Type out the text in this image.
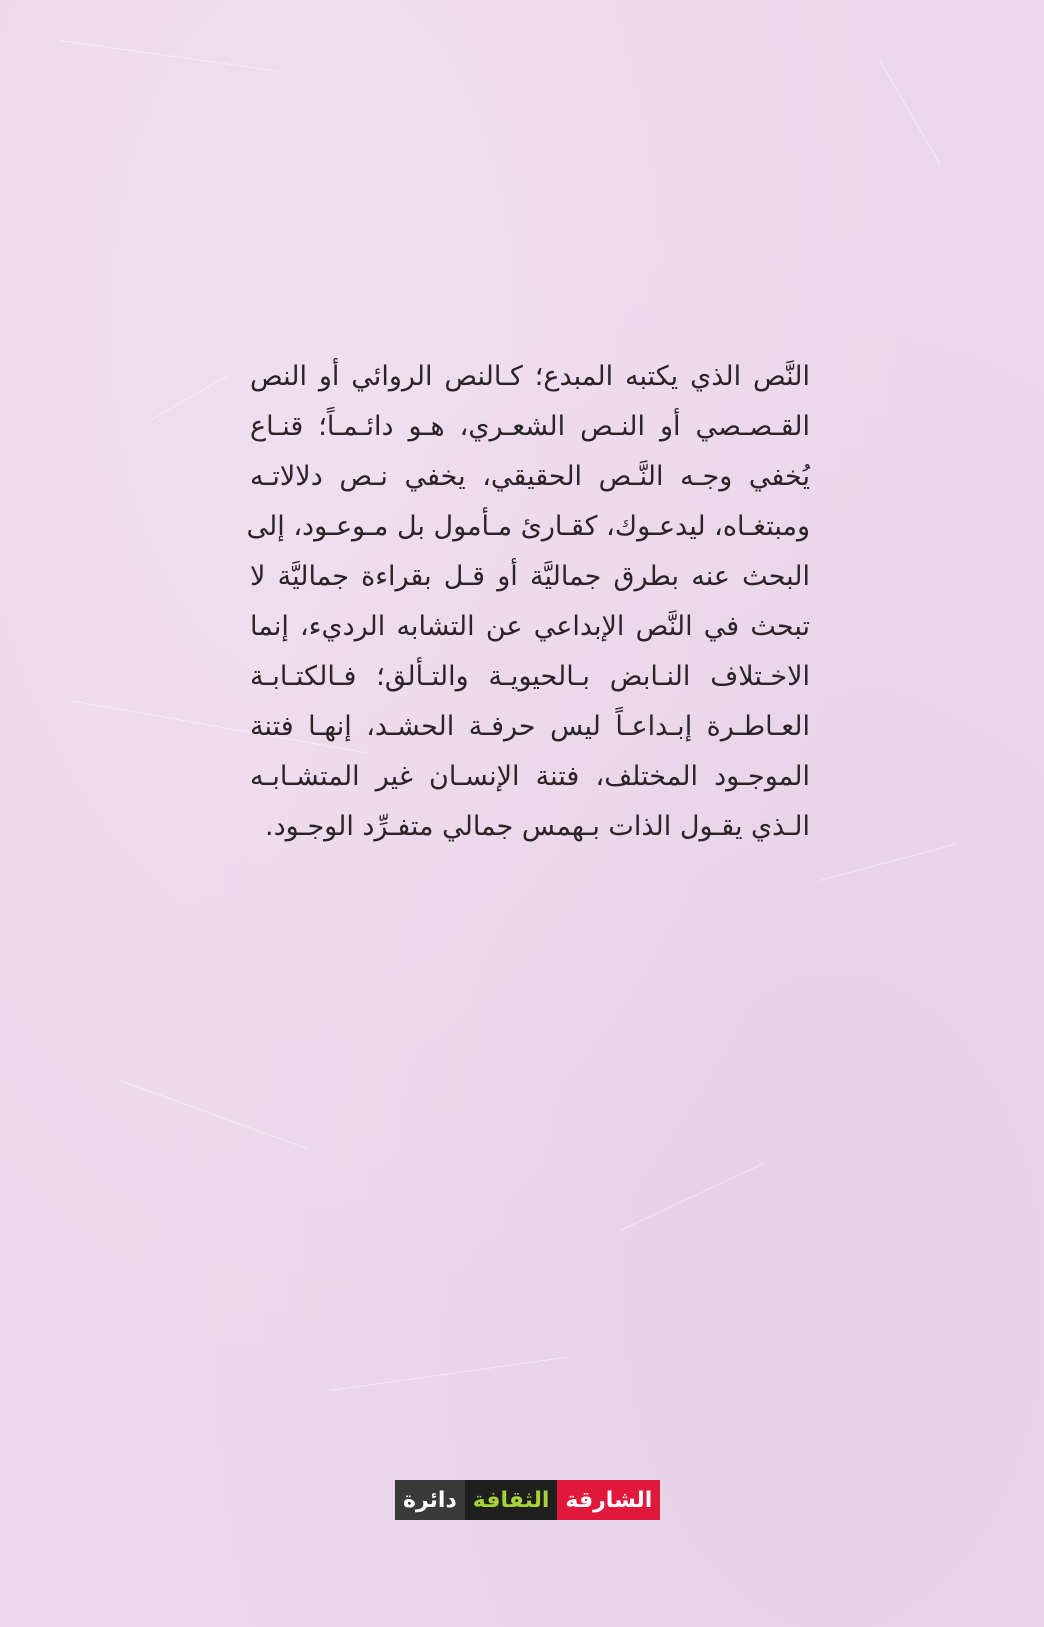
النَّص الذي يكتبه المبدع؛ كـالنص الروائي أو النص
القـصـصي أو النـص الشعـري، هـو دائـمـاً؛ قنـاع
يُخفي وجـه النَّـص الحقيقي، يخفي نـص دلالاتـه
ومبتغـاه، ليدعـوك، كقـارئ مـأمول بل مـوعـود، إلى
البحث عنه بطرق جماليَّة أو قـل بقراءة جماليَّة لا
تبحث في النَّص الإبداعي عن التشابه الرديء، إنما
الاخـتلاف النـابض بـالحيويـة والتـألق؛ فـالكتـابـة
العـاطـرة إبـداعـاً ليس حرفـة الحشـد، إنهـا فتنة
الموجـود المختلف، فتنة الإنسـان غير المتشـابـه
الـذي يقـول الذات بـهمس جمالي متفـرِّد الوجـود.
دائرة الثقافة الشارقة
